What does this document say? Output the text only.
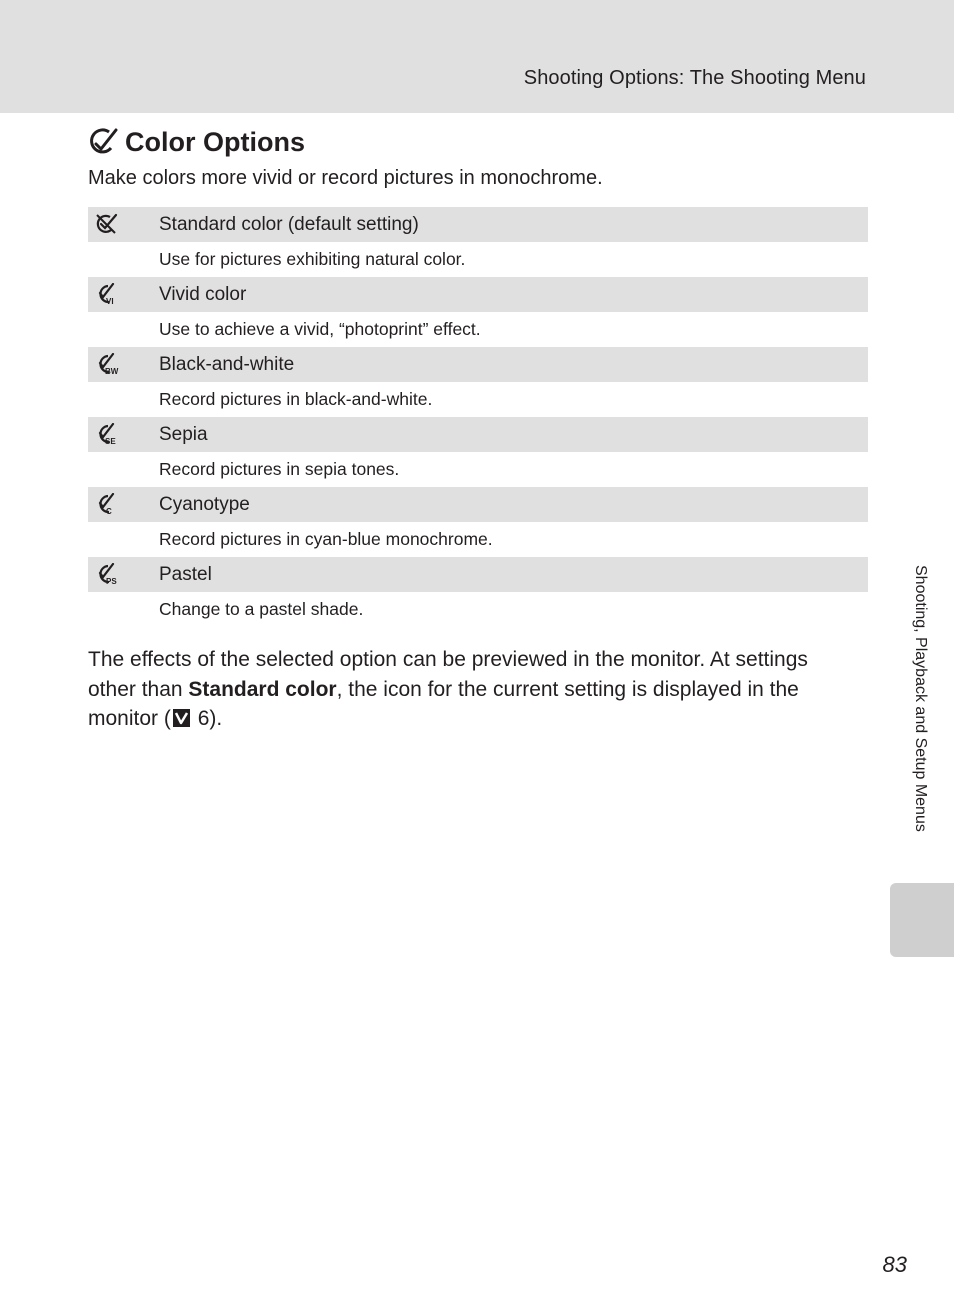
Shooting Options: The Shooting Menu
Color Options
Make colors more vivid or record pictures in monochrome.
Standard color (default setting)
Use for pictures exhibiting natural color.
VI Vivid color
Use to achieve a vivid, “photoprint” effect.
BW Black-and-white
Record pictures in black-and-white.
SE Sepia
Record pictures in sepia tones.
C Cyanotype
Record pictures in cyan-blue monochrome.
PS Pastel
Change to a pastel shade.

The effects of the selected option can be previewed in the monitor. At settings other than Standard color, the icon for the current setting is displayed in the monitor ( 6).	Shooting, Playback and Setup Menus
83
